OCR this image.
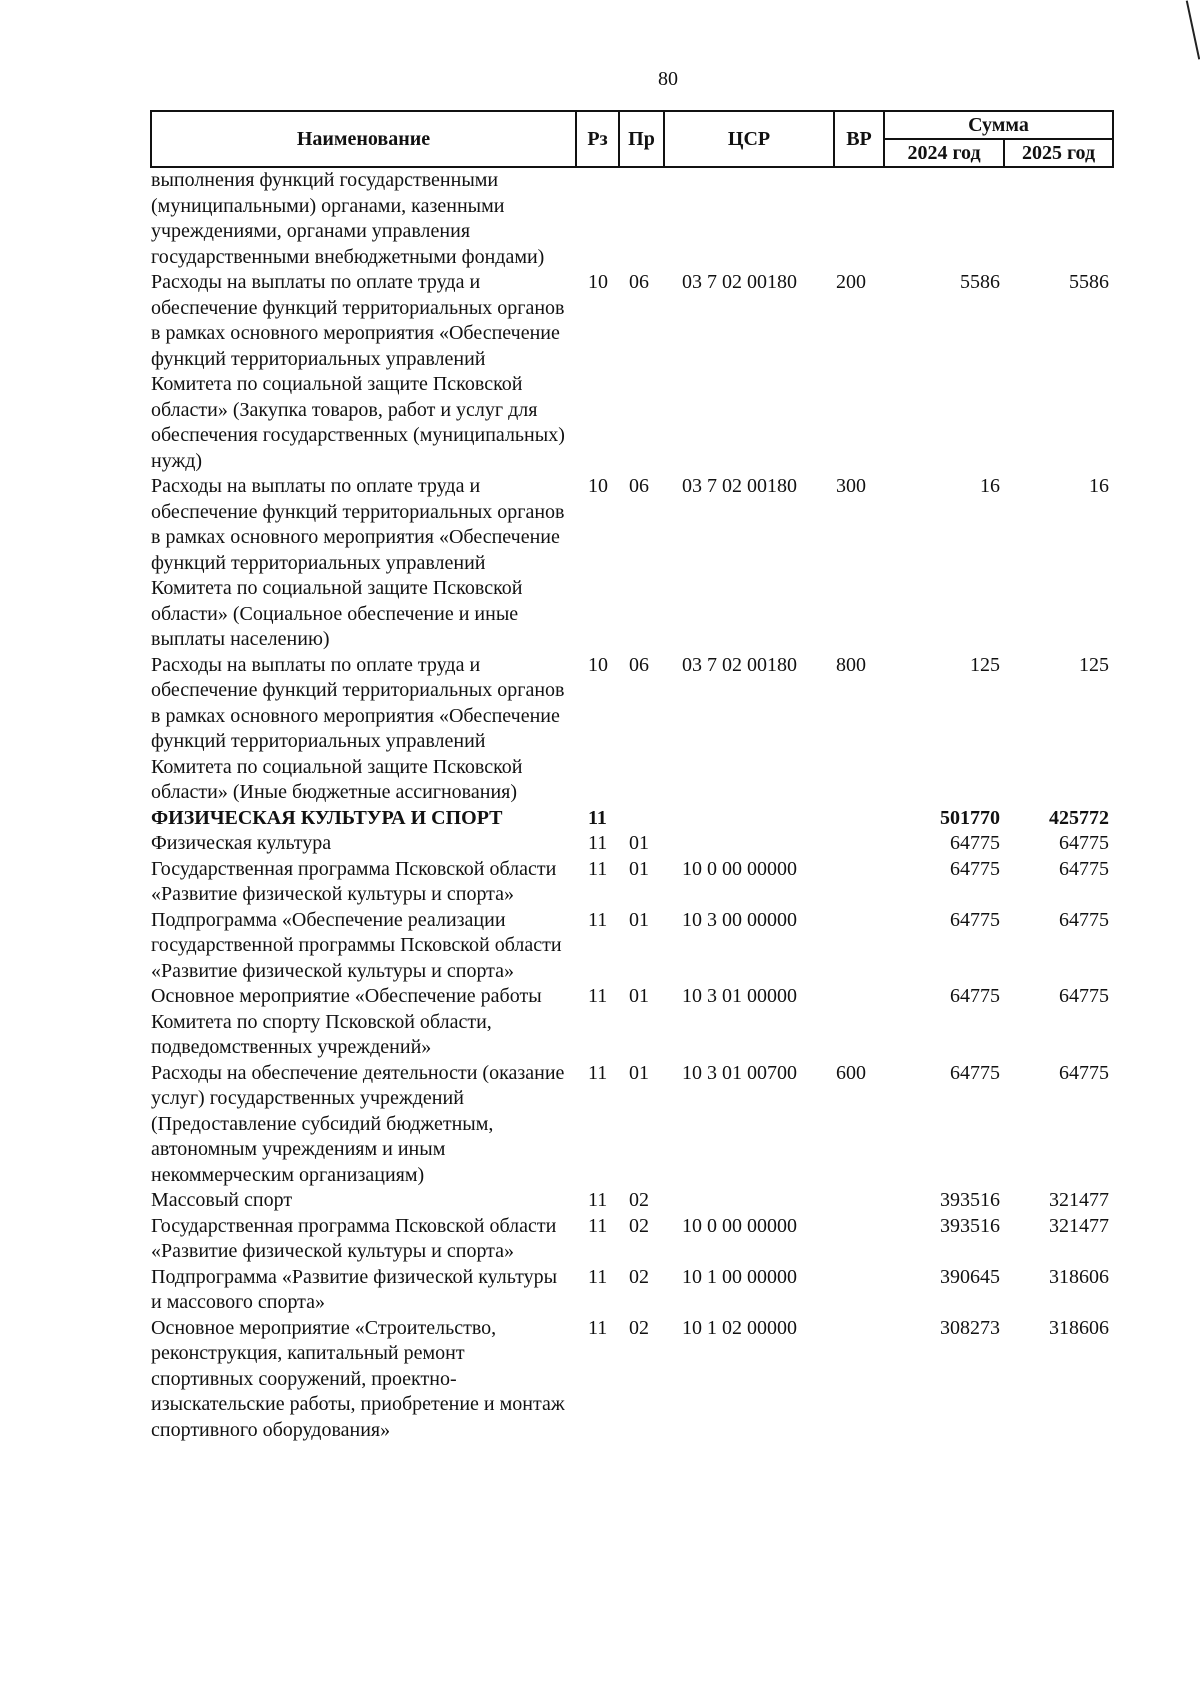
80
Наименование	Рз	Пр	ЦСР	ВР	Сумма	
					2024 год	2025 год
выполнения функций государственными (муниципальными) органами, казенными учреждениями, органами управления государственными внебюджетными фондами)						
Расходы на выплаты по оплате труда и обеспечение функций территориальных органов в рамках основного мероприятия «Обеспечение функций территориальных управлений Комитета по социальной защите Псковской области» (Закупка товаров, работ и услуг для обеспечения государственных (муниципальных) нужд)	10	06	03 7 02 00180	200	5586	5586
Расходы на выплаты по оплате труда и обеспечение функций территориальных органов в рамках основного мероприятия «Обеспечение функций территориальных управлений Комитета по социальной защите Псковской области» (Социальное обеспечение и иные выплаты населению)	10	06	03 7 02 00180	300	16	16
Расходы на выплаты по оплате труда и обеспечение функций территориальных органов в рамках основного мероприятия «Обеспечение функций территориальных управлений Комитета по социальной защите Псковской области» (Иные бюджетные ассигнования)	10	06	03 7 02 00180	800	125	125
ФИЗИЧЕСКАЯ КУЛЬТУРА И СПОРТ	11				501770	425772
Физическая культура	11	01			64775	64775
Государственная программа Псковской области «Развитие физической культуры и спорта»	11	01	10 0 00 00000		64775	64775
Подпрограмма «Обеспечение реализации государственной программы Псковской области «Развитие физической культуры и спорта»	11	01	10 3 00 00000		64775	64775
Основное мероприятие «Обеспечение работы Комитета по спорту Псковской области, подведомственных учреждений»	11	01	10 3 01 00000		64775	64775
Расходы на обеспечение деятельности (оказание услуг) государственных учреждений (Предоставление субсидий бюджетным, автономным учреждениям и иным некоммерческим организациям)	11	01	10 3 01 00700	600	64775	64775
Массовый спорт	11	02			393516	321477
Государственная программа Псковской области «Развитие физической культуры и спорта»	11	02	10 0 00 00000		393516	321477
Подпрограмма «Развитие физической культуры и массового спорта»	11	02	10 1 00 00000		390645	318606
Основное мероприятие «Строительство, реконструкция, капитальный ремонт спортивных сооружений, проектно-изыскательские работы, приобретение и монтаж спортивного оборудования»	11	02	10 1 02 00000		308273	318606
